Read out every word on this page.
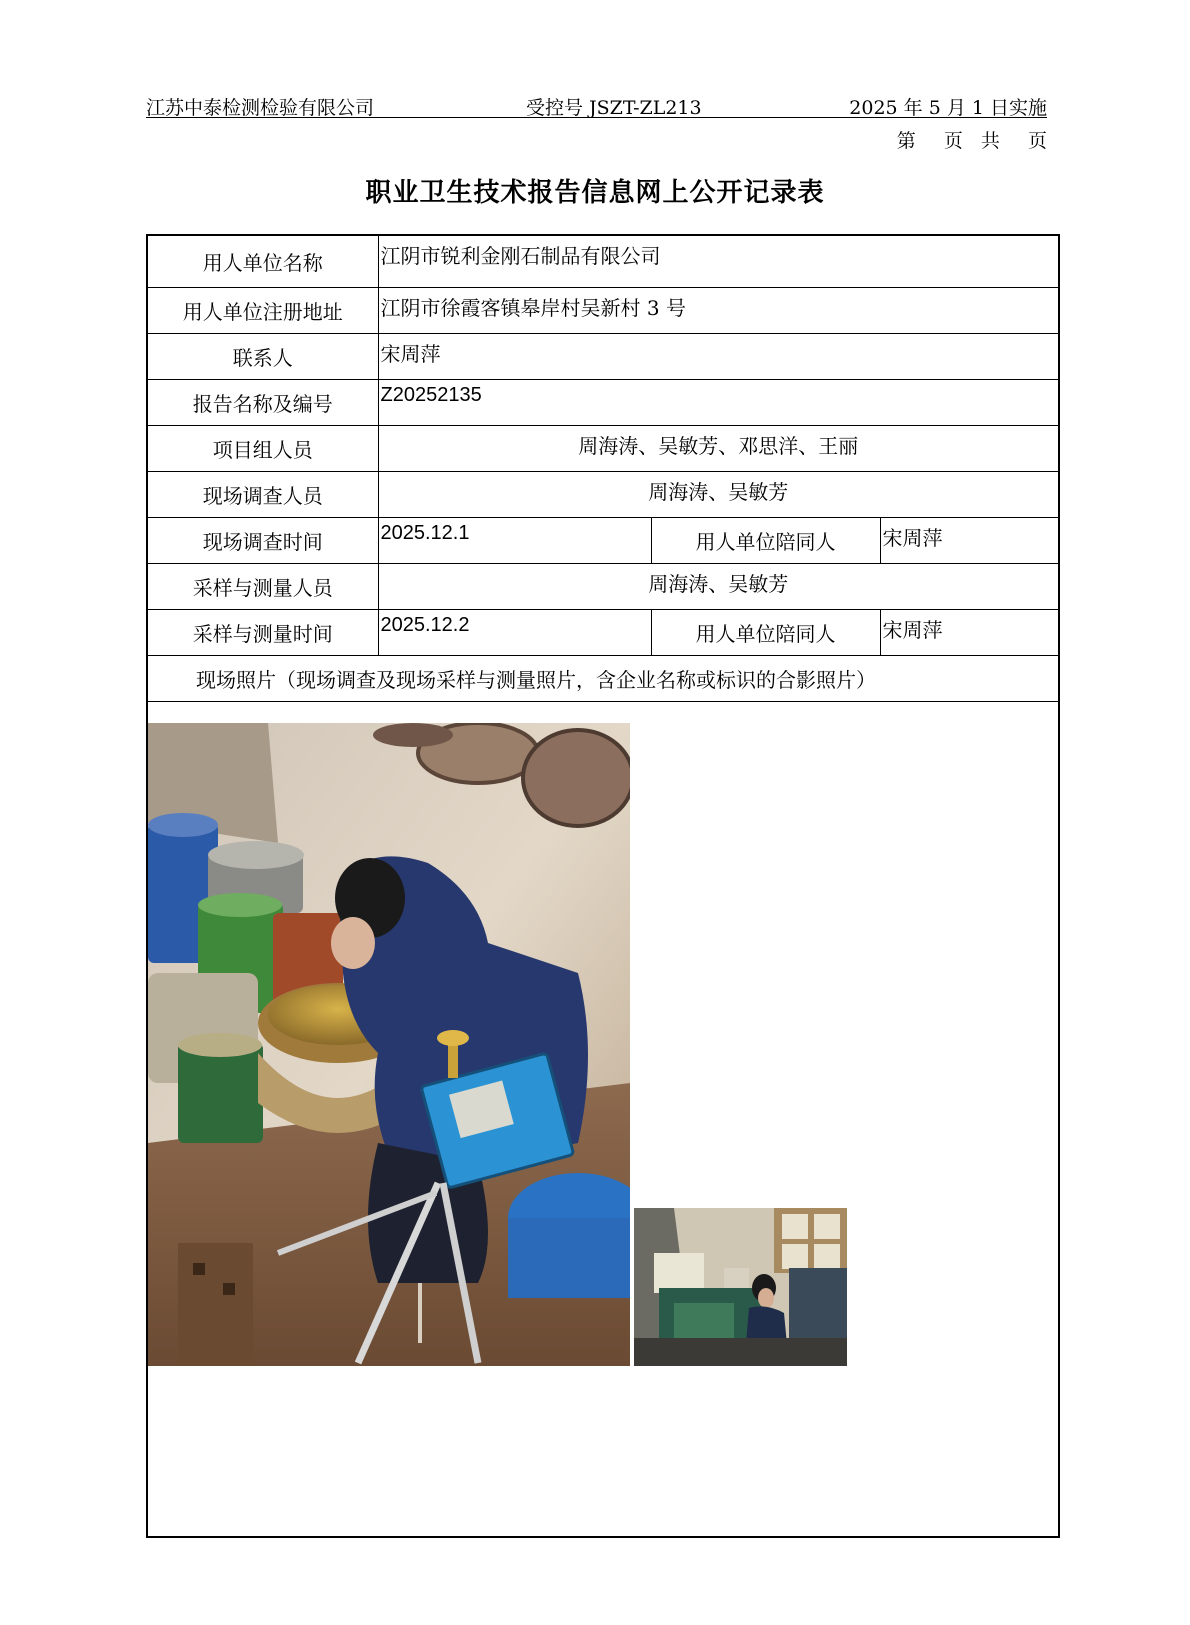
江苏中泰检测检验有限公司	受控号 JSZT-ZL213	2025 年 5 月 1 日实施
第 页 共 页
职业卫生技术报告信息网上公开记录表
用人单位名称	江阴市锐利金刚石制品有限公司		
用人单位注册地址	江阴市徐霞客镇皋岸村吴新村 3 号		
联系人	宋周萍		
报告名称及编号	Z20252135		
项目组人员	周海涛、吴敏芳、邓思洋、王丽		
现场调查人员	周海涛、吴敏芳		
现场调查时间	2025.12.1	用人单位陪同人	宋周萍
采样与测量人员	周海涛、吴敏芳		
采样与测量时间	2025.12.2	用人单位陪同人	宋周萍
现场照片（现场调查及现场采样与测量照片，含企业名称或标识的合影照片）			
